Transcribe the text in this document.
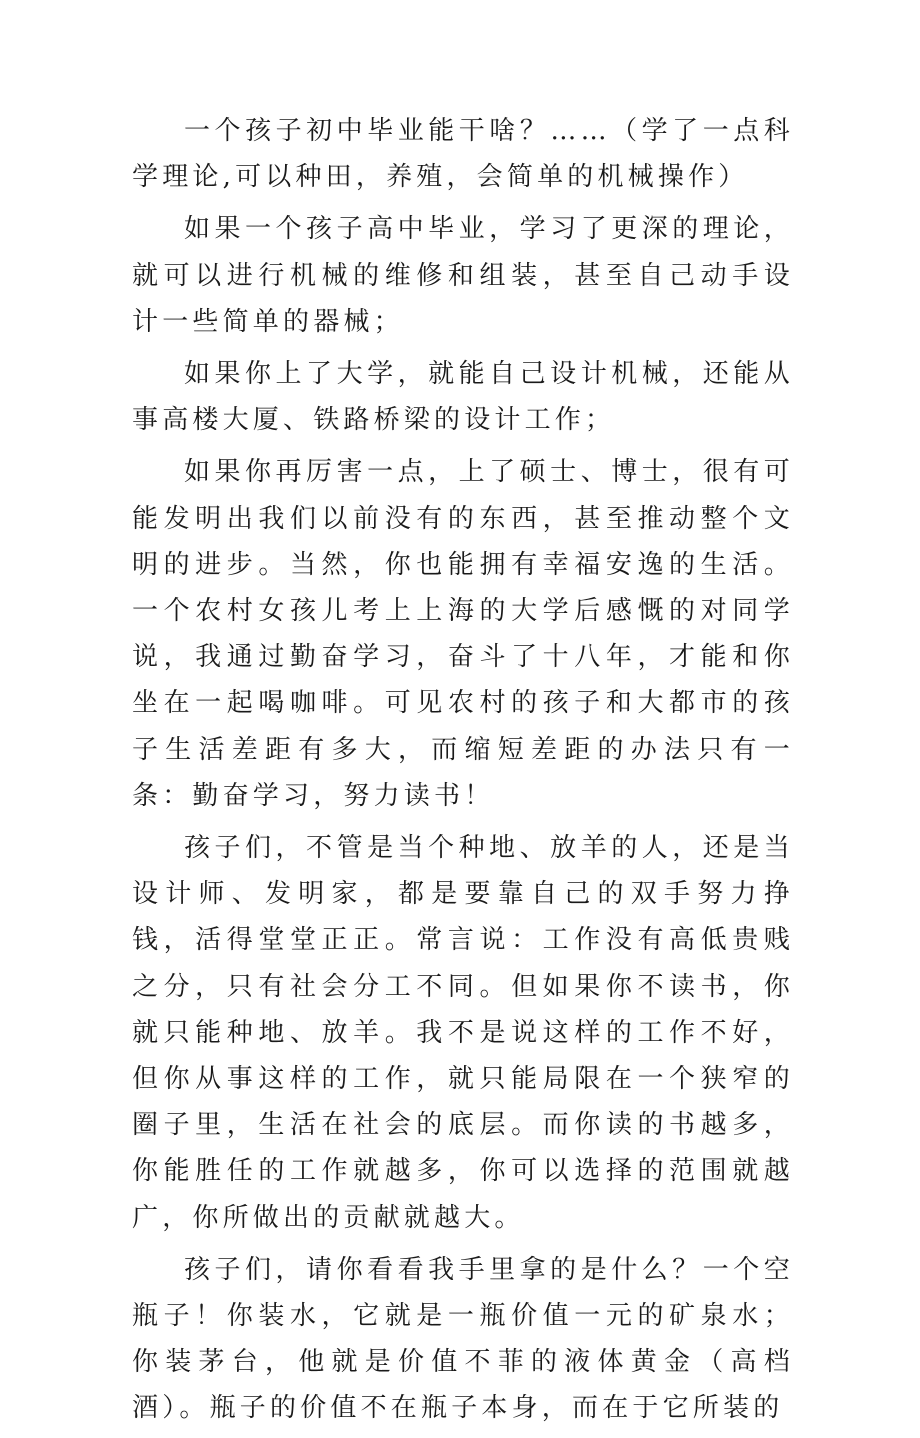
一个孩子初中毕业能干啥？……（学了一点科学理论,可以种田，养殖，会简单的机械操作）

如果一个孩子高中毕业，学习了更深的理论，就可以进行机械的维修和组装，甚至自己动手设计一些简单的器械；

如果你上了大学，就能自己设计机械，还能从事高楼大厦、铁路桥梁的设计工作；

如果你再厉害一点，上了硕士、博士，很有可能发明出我们以前没有的东西，甚至推动整个文明的进步。当然，你也能拥有幸福安逸的生活。一个农村女孩儿考上上海的大学后感慨的对同学说，我通过勤奋学习，奋斗了十八年，才能和你坐在一起喝咖啡。可见农村的孩子和大都市的孩子生活差距有多大，而缩短差距的办法只有一条：勤奋学习，努力读书！

孩子们，不管是当个种地、放羊的人，还是当设计师、发明家，都是要靠自己的双手努力挣钱，活得堂堂正正。常言说：工作没有高低贵贱之分，只有社会分工不同。但如果你不读书，你就只能种地、放羊。我不是说这样的工作不好，但你从事这样的工作，就只能局限在一个狭窄的圈子里，生活在社会的底层。而你读的书越多，你能胜任的工作就越多，你可以选择的范围就越广，你所做出的贡献就越大。

孩子们，请你看看我手里拿的是什么？一个空瓶子！你装水，它就是一瓶价值一元的矿泉水；你装茅台，他就是价值不菲的液体黄金（高档酒）。瓶子的价值不在瓶子本身，而在于它所装的
